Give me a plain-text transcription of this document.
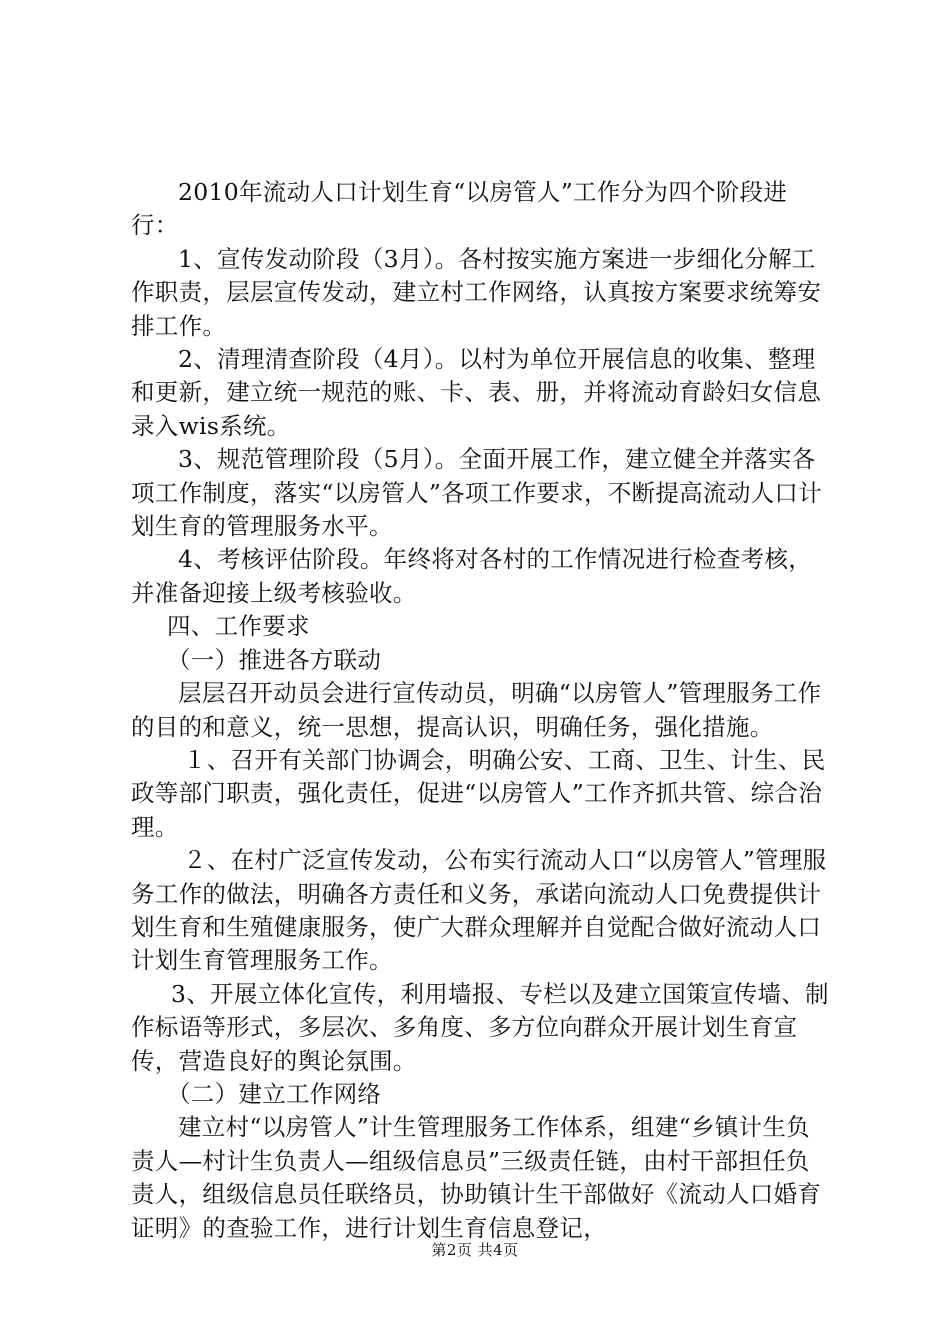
2010年流动人口计划生育“以房管人”工作分为四个阶段进行：

1、宣传发动阶段（3月）。各村按实施方案进一步细化分解工作职责，层层宣传发动，建立村工作网络，认真按方案要求统筹安排工作。

2、清理清查阶段（4月）。以村为单位开展信息的收集、整理和更新，建立统一规范的账、卡、表、册，并将流动育龄妇女信息录入wis系统。

3、规范管理阶段（5月）。全面开展工作，建立健全并落实各项工作制度，落实“以房管人”各项工作要求，不断提高流动人口计划生育的管理服务水平。

4、考核评估阶段。年终将对各村的工作情况进行检查考核，并准备迎接上级考核验收。

四、工作要求

（一）推进各方联动

层层召开动员会进行宣传动员，明确“以房管人”管理服务工作的目的和意义，统一思想，提高认识，明确任务，强化措施。

１、召开有关部门协调会，明确公安、工商、卫生、计生、民政等部门职责，强化责任，促进“以房管人”工作齐抓共管、综合治理。

２、在村广泛宣传发动，公布实行流动人口“以房管人”管理服务工作的做法，明确各方责任和义务，承诺向流动人口免费提供计划生育和生殖健康服务，使广大群众理解并自觉配合做好流动人口计划生育管理服务工作。

3、开展立体化宣传，利用墙报、专栏以及建立国策宣传墙、制作标语等形式，多层次、多角度、多方位向群众开展计划生育宣传，营造良好的舆论氛围。

（二）建立工作网络

建立村“以房管人”计生管理服务工作体系，组建“乡镇计生负责人—村计生负责人—组级信息员”三级责任链，由村干部担任负责人，组级信息员任联络员，协助镇计生干部做好《流动人口婚育证明》的查验工作，进行计划生育信息登记，

第2页 共4页
